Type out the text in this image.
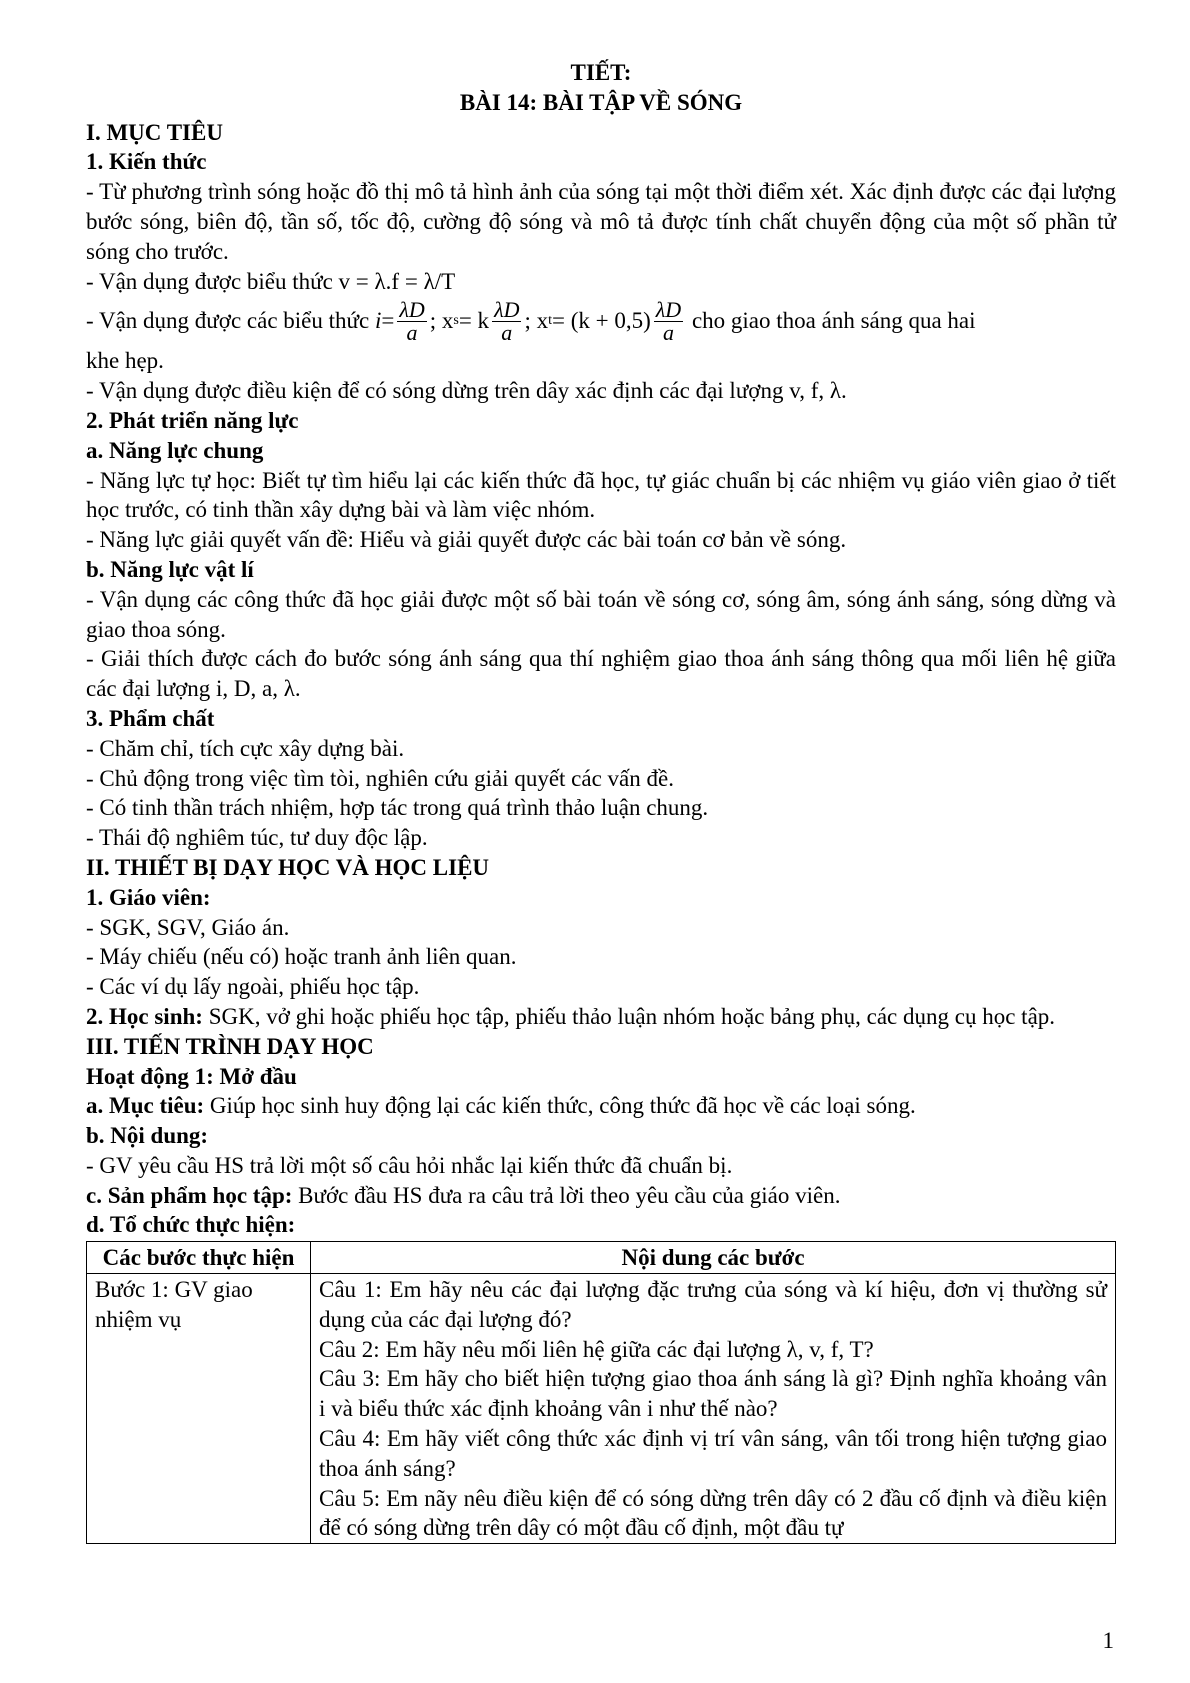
TIẾT:
BÀI 14: BÀI TẬP VỀ SÓNG

I. MỤC TIÊU

1. Kiến thức

- Từ phương trình sóng hoặc đồ thị mô tả hình ảnh của sóng tại một thời điểm xét. Xác định được các đại lượng bước sóng, biên độ, tần số, tốc độ, cường độ sóng và mô tả được tính chất chuyển động của một số phần tử sóng cho trước.

- Vận dụng được biểu thức v = λ.f = λ/T

- Vận dụng được các biểu thức
$i = \frac{\lambda D}{a}$ ; x s = k $\frac{\lambda D}{a}$ ; x $t = (k + 0,5) \frac{\lambda D}{a}$
cho giao thoa ánh sáng qua hai

khe hẹp.

- Vận dụng được điều kiện để có sóng dừng trên dây xác định các đại lượng v, f, λ.

2. Phát triển năng lực

a. Năng lực chung

- Năng lực tự học: Biết tự tìm hiểu lại các kiến thức đã học, tự giác chuẩn bị các nhiệm vụ giáo viên giao ở tiết học trước, có tinh thần xây dựng bài và làm việc nhóm.

- Năng lực giải quyết vấn đề: Hiểu và giải quyết được các bài toán cơ bản về sóng.

b. Năng lực vật lí

- Vận dụng các công thức đã học giải được một số bài toán về sóng cơ, sóng âm, sóng ánh sáng, sóng dừng và giao thoa sóng.

- Giải thích được cách đo bước sóng ánh sáng qua thí nghiệm giao thoa ánh sáng thông qua mối liên hệ giữa các đại lượng i, D, a, λ.

3. Phẩm chất

- Chăm chỉ, tích cực xây dựng bài.

- Chủ động trong việc tìm tòi, nghiên cứu giải quyết các vấn đề.

- Có tinh thần trách nhiệm, hợp tác trong quá trình thảo luận chung.

- Thái độ nghiêm túc, tư duy độc lập.

II. THIẾT BỊ DẠY HỌC VÀ HỌC LIỆU

1. Giáo viên:

- SGK, SGV, Giáo án.

- Máy chiếu (nếu có) hoặc tranh ảnh liên quan.

- Các ví dụ lấy ngoài, phiếu học tập.

2. Học sinh: SGK, vở ghi hoặc phiếu học tập, phiếu thảo luận nhóm hoặc bảng phụ, các dụng cụ học tập.

III. TIẾN TRÌNH DẠY HỌC

Hoạt động 1: Mở đầu

a. Mục tiêu: Giúp học sinh huy động lại các kiến thức, công thức đã học về các loại sóng.

b. Nội dung:

- GV yêu cầu HS trả lời một số câu hỏi nhắc lại kiến thức đã chuẩn bị.

c. Sản phẩm học tập: Bước đầu HS đưa ra câu trả lời theo yêu cầu của giáo viên.

d. Tổ chức thực hiện:

Các bước thực hiện	Nội dung các bước
Bước 1: GV giao nhiệm vụ	Câu 1: Em hãy nêu các đại lượng đặc trưng của sóng và kí hiệu, đơn vị thường sử dụng của các đại lượng đó?

Câu 2: Em hãy nêu mối liên hệ giữa các đại lượng λ, v, f, T?

Câu 3: Em hãy cho biết hiện tượng giao thoa ánh sáng là gì? Định nghĩa khoảng vân i và biểu thức xác định khoảng vân i như thế nào?

Câu 4: Em hãy viết công thức xác định vị trí vân sáng, vân tối trong hiện tượng giao thoa ánh sáng?

Câu 5: Em nãy nêu điều kiện để có sóng dừng trên dây có 2 đầu cố định và điều kiện để có sóng dừng trên dây có một đầu cố định, một đầu tự

1
